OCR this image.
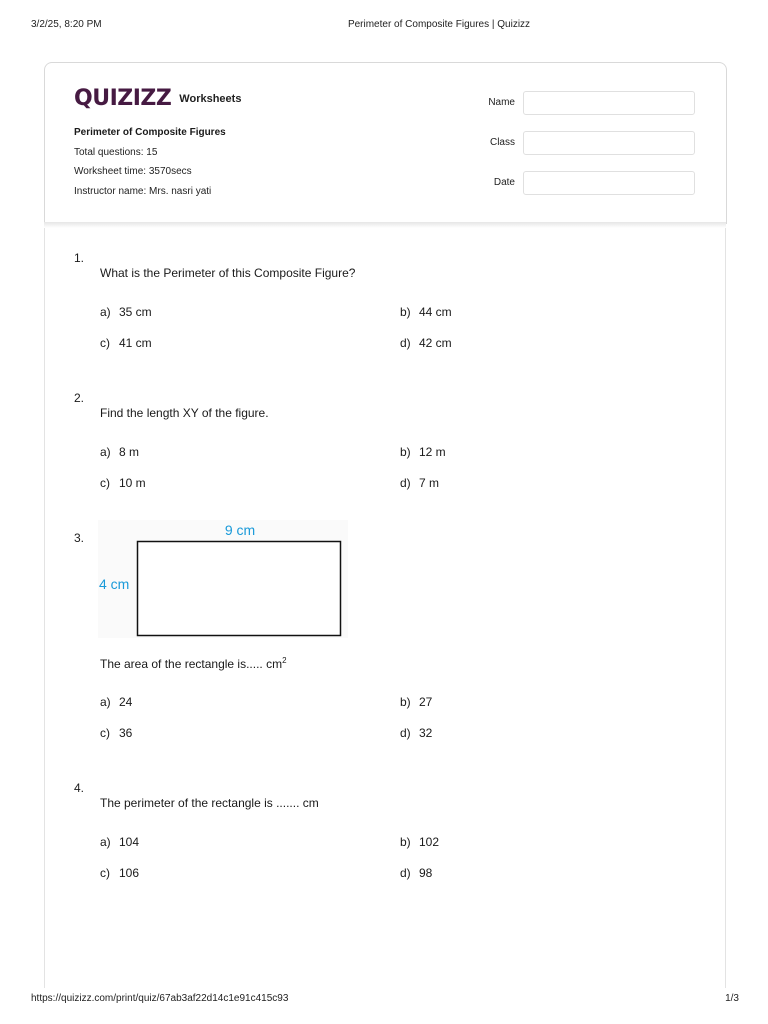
3/2/25, 8:20 PM	Perimeter of Composite Figures | Quizizz
QUIZIZZ Worksheets
Perimeter of Composite Figures
Total questions: 15
Worksheet time: 3570secs
Instructor name: Mrs. nasri yati
Name
Class
Date
1.
What is the Perimeter of this Composite Figure?
a) 35 cm	b) 44 cm
c) 41 cm	d) 42 cm
2.
Find the length XY of the figure.
a) 8 m	b) 12 m
c) 10 m	d) 7 m
3.	9 cm
4 cm
The area of the rectangle is..... $cm^2$
a) 24	b) 27
c) 36	d) 32
4.
The perimeter of the rectangle is ....... cm
a) 104	b) 102
c) 106	d) 98
https://quizizz.com/print/quiz/67ab3af22d14c1e91c415c93	1/3
